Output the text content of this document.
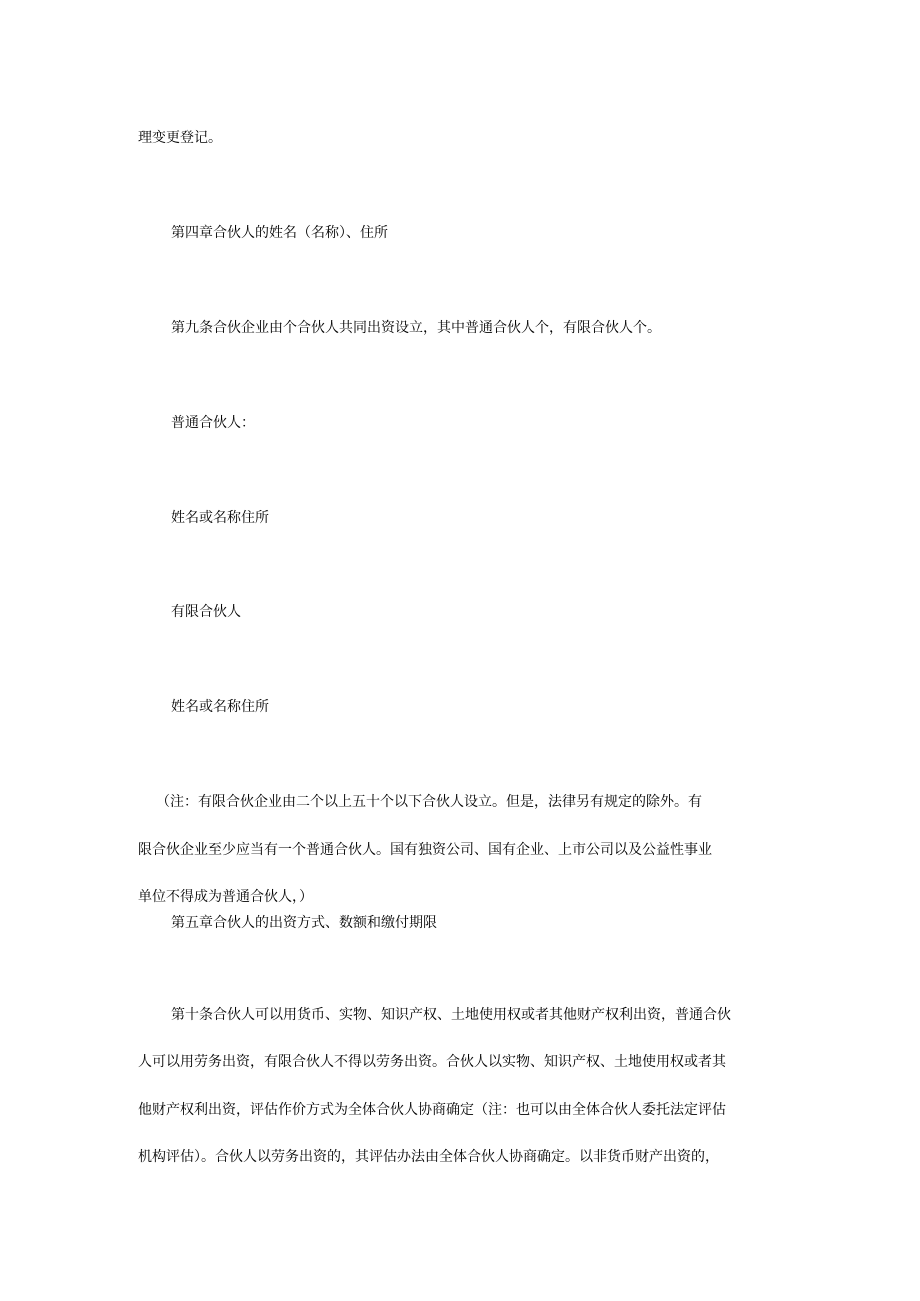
理变更登记。
第四章合伙人的姓名（名称）、住所
第九条合伙企业由个合伙人共同出资设立，其中普通合伙人个，有限合伙人个。
普通合伙人：
姓名或名称住所
有限合伙人
姓名或名称住所
（注：有限合伙企业由二个以上五十个以下合伙人设立。但是，法律另有规定的除外。有
限合伙企业至少应当有一个普通合伙人。国有独资公司、国有企业、上市公司以及公益性事业
单位不得成为普通合伙人，）
第五章合伙人的出资方式、数额和缴付期限
第十条合伙人可以用货币、实物、知识产权、土地使用权或者其他财产权利出资，普通合伙
人可以用劳务出资，有限合伙人不得以劳务出资。合伙人以实物、知识产权、土地使用权或者其
他财产权利出资，评估作价方式为全体合伙人协商确定（注：也可以由全体合伙人委托法定评估
机构评估）。合伙人以劳务出资的，其评估办法由全体合伙人协商确定。以非货币财产出资的，
